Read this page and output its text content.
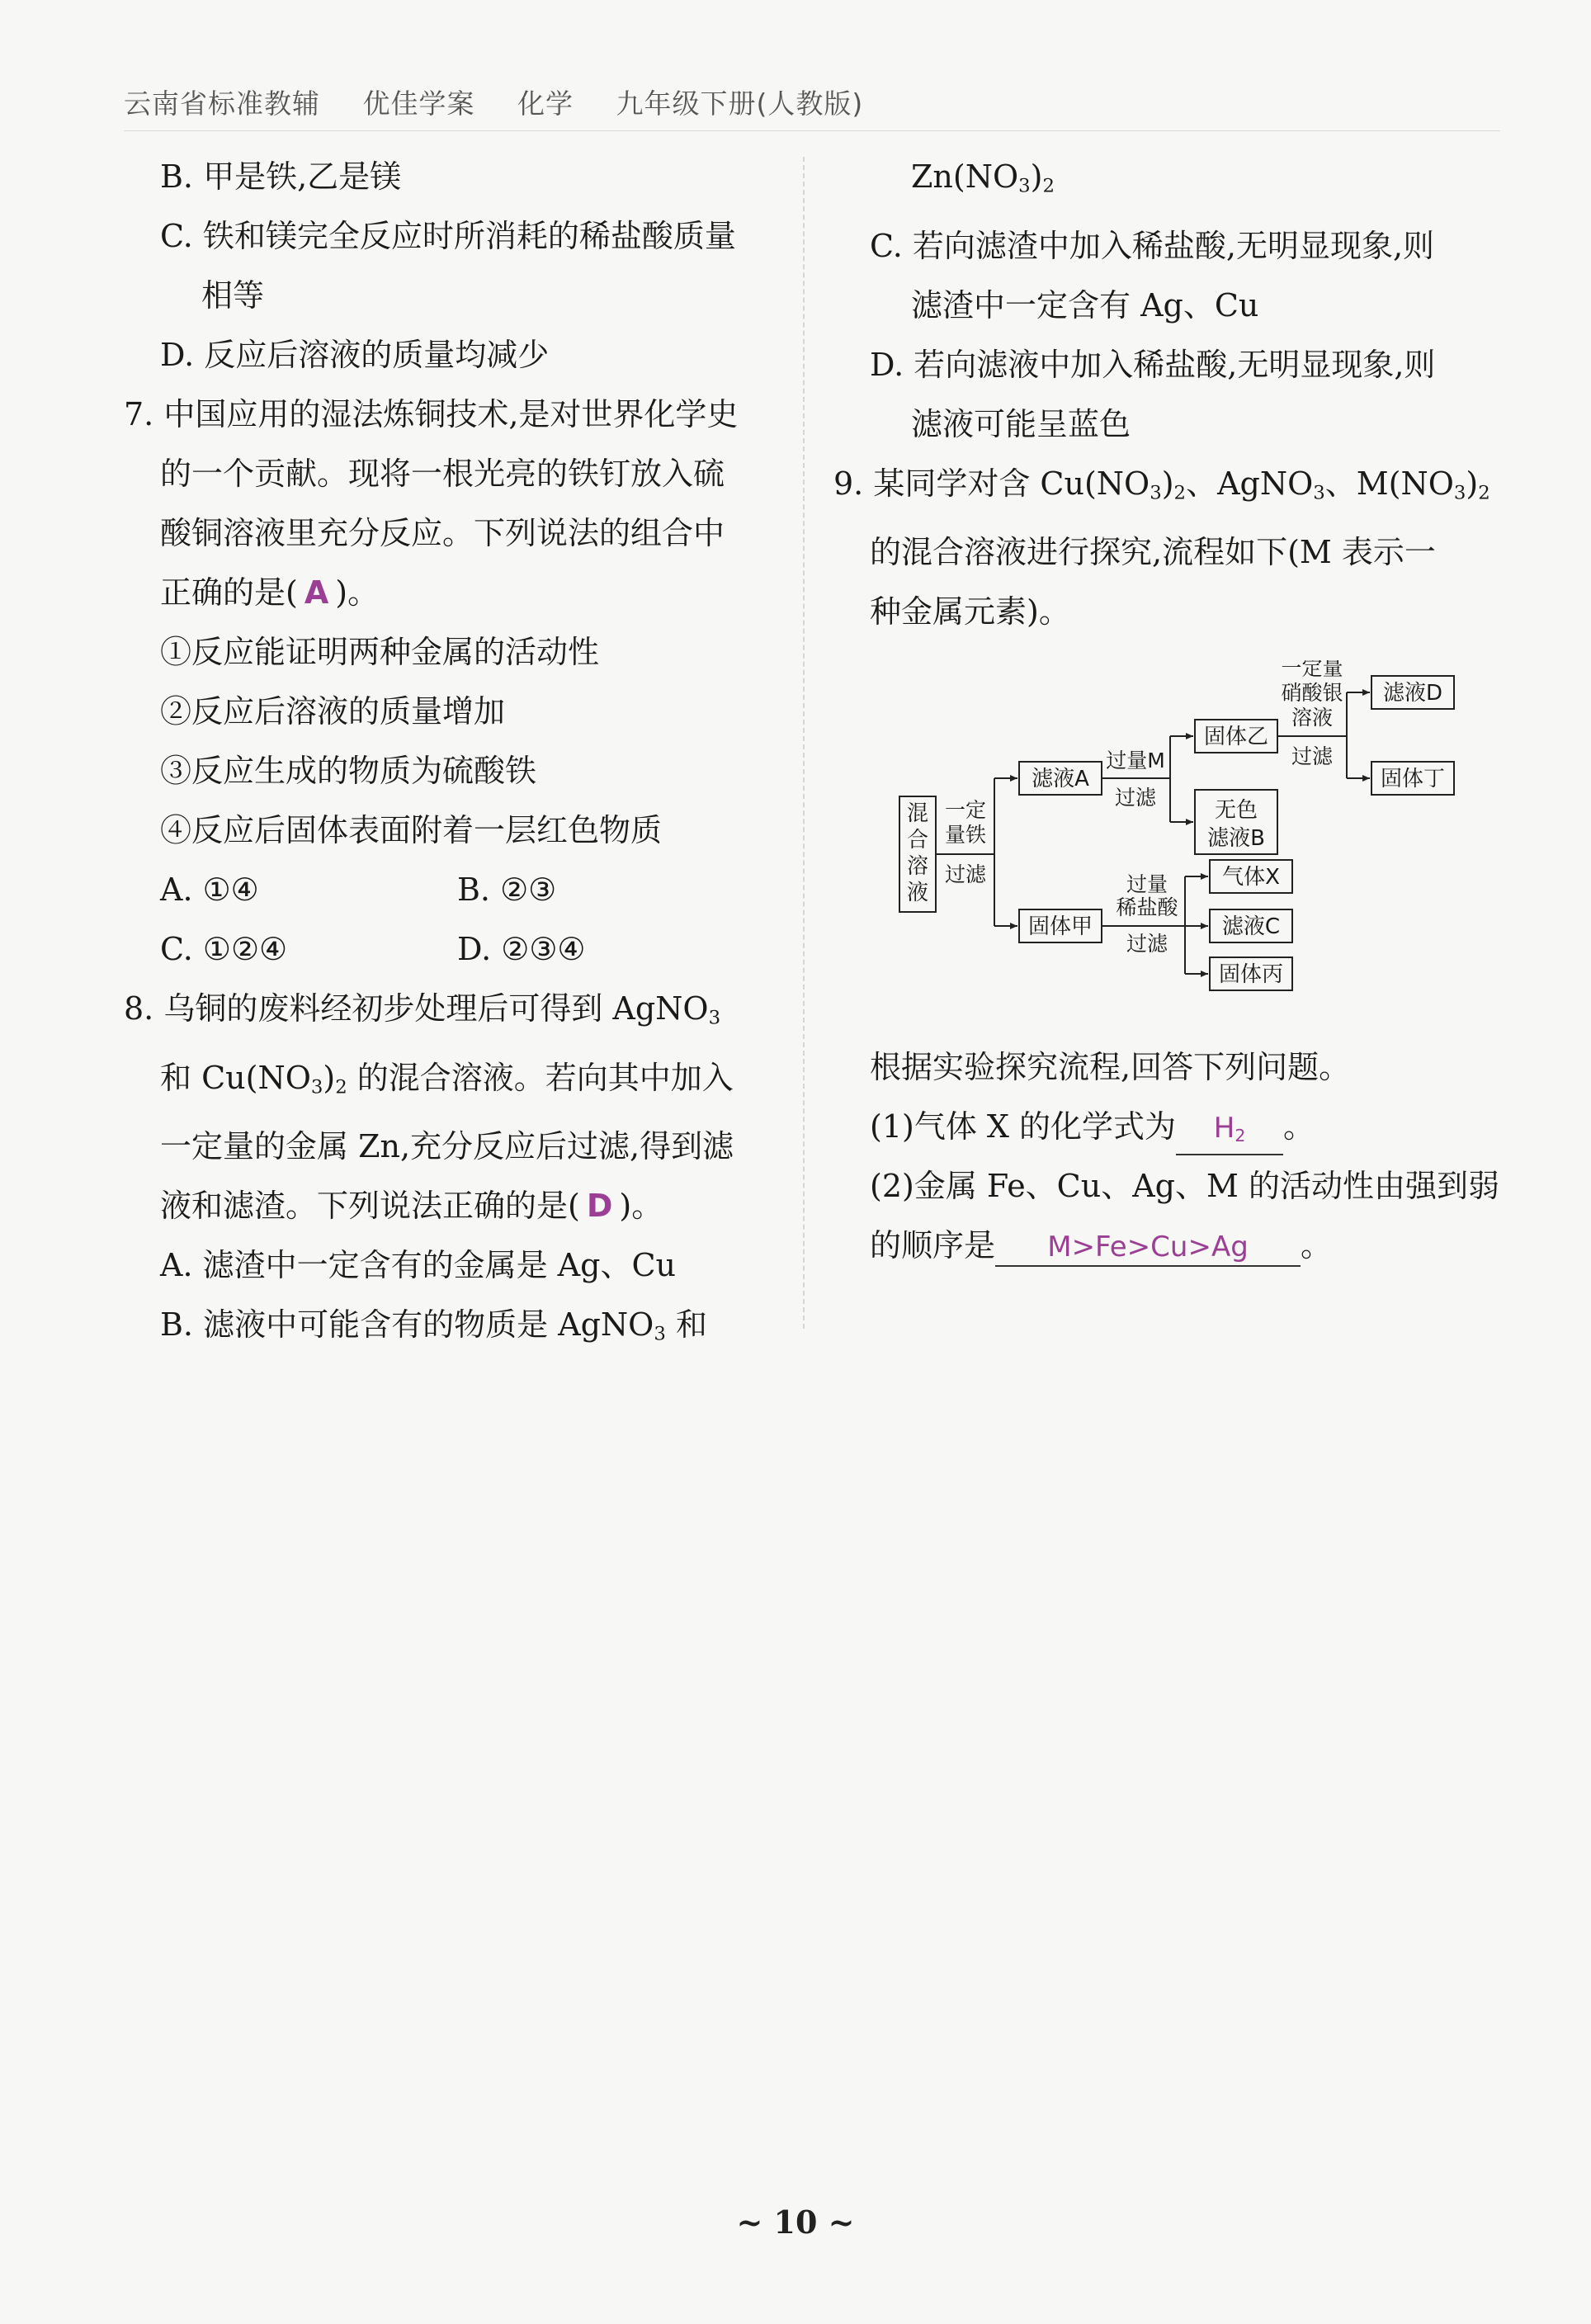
云南省标准教辅 优佳学案 化学 九年级下册(人教版)
B. 甲是铁,乙是镁
C. 铁和镁完全反应时所消耗的稀盐酸质量
相等
D. 反应后溶液的质量均减少
7. 中国应用的湿法炼铜技术,是对世界化学史
的一个贡献。现将一根光亮的铁钉放入硫
酸铜溶液里充分反应。下列说法的组合中
正确的是( A )。
①反应能证明两种金属的活动性
②反应后溶液的质量增加
③反应生成的物质为硫酸铁
④反应后固体表面附着一层红色物质
A. ①④	B. ②③
C. ①②④	D. ②③④
8. 乌铜的废料经初步处理后可得到 AgNO$_3$
和 $Cu(NO_3)_2$ 的混合溶液。若向其中加入
一定量的金属 Zn,充分反应后过滤,得到滤
液和滤渣。下列说法正确的是( D )。
A. 滤渣中一定含有的金属是 Ag、Cu
B. 滤液中可能含有的物质是 AgNO$_3$ 和
$Zn(NO_3)_2$
C. 若向滤渣中加入稀盐酸,无明显现象,则
滤渣中一定含有 Ag、Cu
D. 若向滤液中加入稀盐酸,无明显现象,则
滤液可能呈蓝色
9. 某同学对含 $Cu(NO_3)_2$、AgNO$_3$、$M(NO_3)_2$
的混合溶液进行探究,流程如下(M 表示一
种金属元素)。
根据实验探究流程,回答下列问题。
(1)气体 X 的化学式为 $H_2$ 。
(2)金属 Fe、Cu、Ag、M 的活动性由强到弱
的顺序是 M>Fe>Cu>Ag 。
混
合
溶
液
一定
量铁
过滤
滤液A
固体甲
过量M
过滤
固体乙
无色
滤液B
一定量
硝酸银
溶液
过滤
滤液D
固体丁
过量
稀盐酸
过滤
气体X
滤液C
固体丙
~ 10 ~
